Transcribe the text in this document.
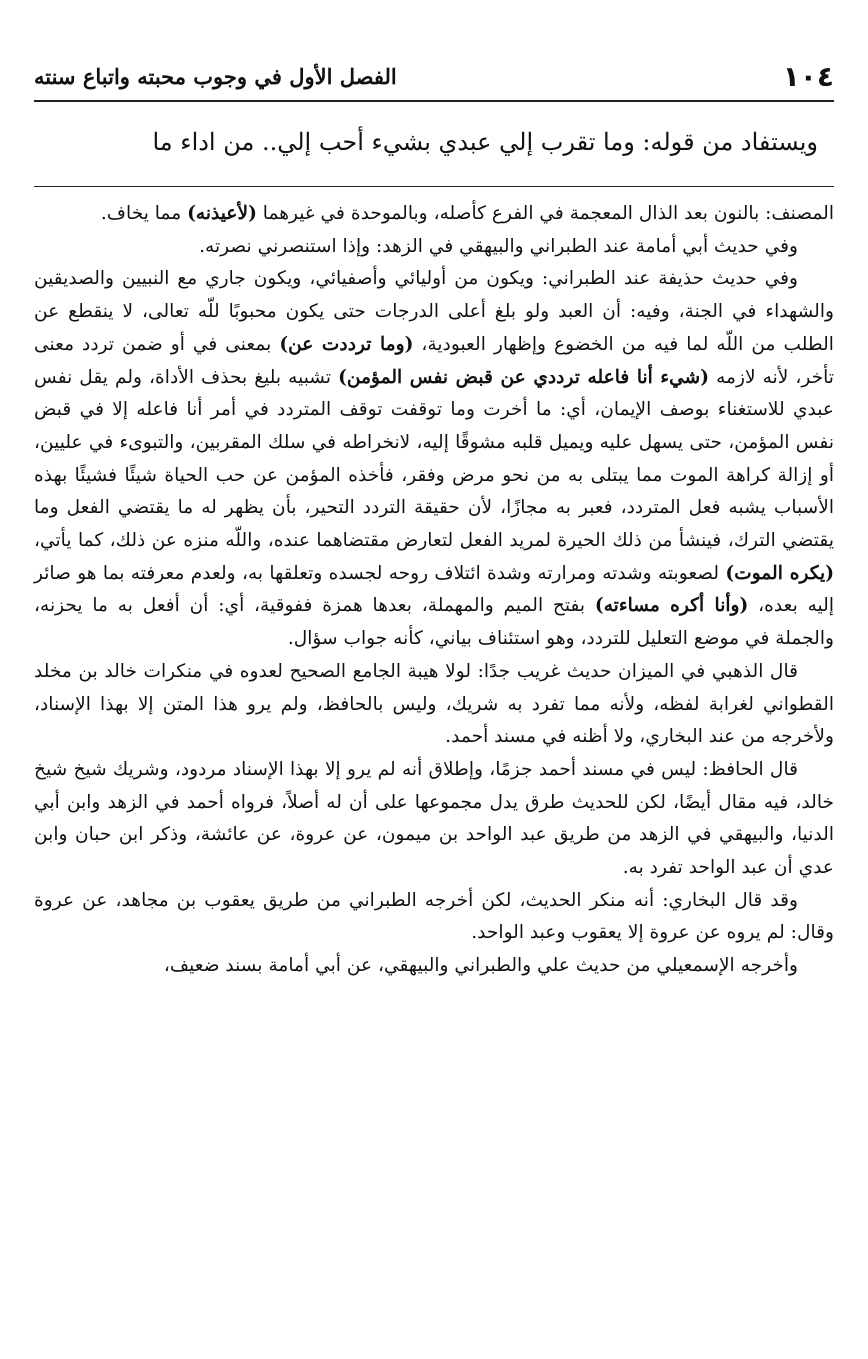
١٠٤
الفصل الأول في وجوب محبته واتباع سنته
ويستفاد من قوله: وما تقرب إلي عبدي بشيء أحب إلي.. من اداء ما

المصنف: بالنون بعد الذال المعجمة في الفرع كأصله، وبالموحدة في غيرهما (لأعيذنه) مما يخاف.

وفي حديث أبي أمامة عند الطبراني والبيهقي في الزهد: وإذا استنصرني نصرته.

وفي حديث حذيفة عند الطبراني: ويكون من أوليائي وأصفيائي، ويكون جاري مع النبيين والصديقين والشهداء في الجنة، وفيه: أن العبد ولو بلغ أعلى الدرجات حتى يكون محبوبًا للّه تعالى، لا ينقطع عن الطلب من اللّه لما فيه من الخضوع وإظهار العبودية، (وما ترددت عن) بمعنى في أو ضمن تردد معنى تأخر، لأنه لازمه (شيء أنا فاعله ترددي عن قبض نفس المؤمن) تشبيه بليغ بحذف الأداة، ولم يقل نفس عبدي للاستغناء بوصف الإيمان، أي: ما أخرت وما توقفت توقف المتردد في أمر أنا فاعله إلا في قبض نفس المؤمن، حتى يسهل عليه ويميل قلبه مشوقًا إليه، لانخراطه في سلك المقربين، والتبوىء في عليين، أو إزالة كراهة الموت مما يبتلى به من نحو مرض وفقر، فأخذه المؤمن عن حب الحياة شيئًا فشيئًا بهذه الأسباب يشبه فعل المتردد، فعبر به مجازًا، لأن حقيقة التردد التحير، بأن يظهر له ما يقتضي الفعل وما يقتضي الترك، فينشأ من ذلك الحيرة لمريد الفعل لتعارض مقتضاهما عنده، واللّه منزه عن ذلك، كما يأتي، (يكره الموت) لصعوبته وشدته ومرارته وشدة ائتلاف روحه لجسده وتعلقها به، ولعدم معرفته بما هو صائر إليه بعده، (وأنا أكره مساءته) بفتح الميم والمهملة، بعدها همزة ففوقية، أي: أن أفعل به ما يحزنه، والجملة في موضع التعليل للتردد، وهو استئناف بياني، كأنه جواب سؤال.

قال الذهبي في الميزان حديث غريب جدًا: لولا هيبة الجامع الصحيح لعدوه في منكرات خالد بن مخلد القطواني لغرابة لفظه، ولأنه مما تفرد به شريك، وليس بالحافظ، ولم يرو هذا المتن إلا بهذا الإسناد، ولأخرجه من عند البخاري، ولا أظنه في مسند أحمد.

قال الحافظ: ليس في مسند أحمد جزمًا، وإطلاق أنه لم يرو إلا بهذا الإسناد مردود، وشريك شيخ شيخ خالد، فيه مقال أيضًا، لكن للحديث طرق يدل مجموعها على أن له أصلاً، فرواه أحمد في الزهد وابن أبي الدنيا، والبيهقي في الزهد من طريق عبد الواحد بن ميمون، عن عروة، عن عائشة، وذكر ابن حبان وابن عدي أن عبد الواحد تفرد به.

وقد قال البخاري: أنه منكر الحديث، لكن أخرجه الطبراني من طريق يعقوب بن مجاهد، عن عروة وقال: لم يروه عن عروة إلا يعقوب وعبد الواحد.

وأخرجه الإسمعيلي من حديث علي والطبراني والبيهقي، عن أبي أمامة بسند ضعيف،
